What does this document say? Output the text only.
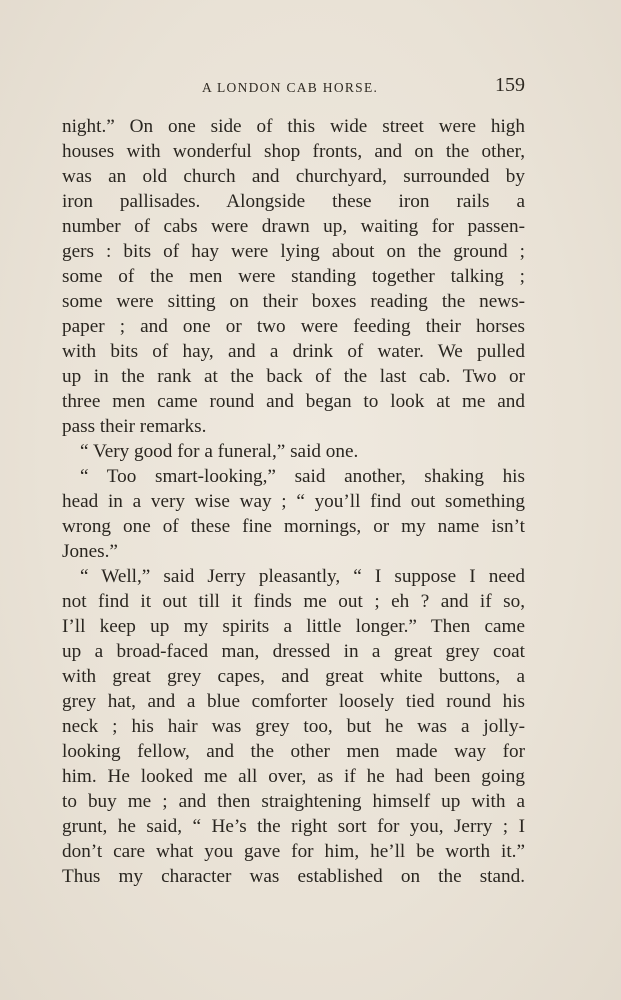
A LONDON CAB HORSE.	159
night.” On one side of this wide street were high
houses with wonderful shop fronts, and on the other,
was an old church and churchyard, surrounded by
iron pallisades. Alongside these iron rails a
number of cabs were drawn up, waiting for passen-
gers : bits of hay were lying about on the ground ;
some of the men were standing together talking ;
some were sitting on their boxes reading the news-
paper ; and one or two were feeding their horses
with bits of hay, and a drink of water. We pulled
up in the rank at the back of the last cab. Two or
three men came round and began to look at me and
pass their remarks.
“ Very good for a funeral,” said one.
“ Too smart-looking,” said another, shaking his
head in a very wise way ; “ you’ll find out something
wrong one of these fine mornings, or my name isn’t
Jones.”
“ Well,” said Jerry pleasantly, “ I suppose I need
not find it out till it finds me out ; eh ? and if so,
I’ll keep up my spirits a little longer.” Then came
up a broad-faced man, dressed in a great grey coat
with great grey capes, and great white buttons, a
grey hat, and a blue comforter loosely tied round his
neck ; his hair was grey too, but he was a jolly-
looking fellow, and the other men made way for
him. He looked me all over, as if he had been going
to buy me ; and then straightening himself up with a
grunt, he said, “ He’s the right sort for you, Jerry ; I
don’t care what you gave for him, he’ll be worth it.”
Thus my character was established on the stand.
